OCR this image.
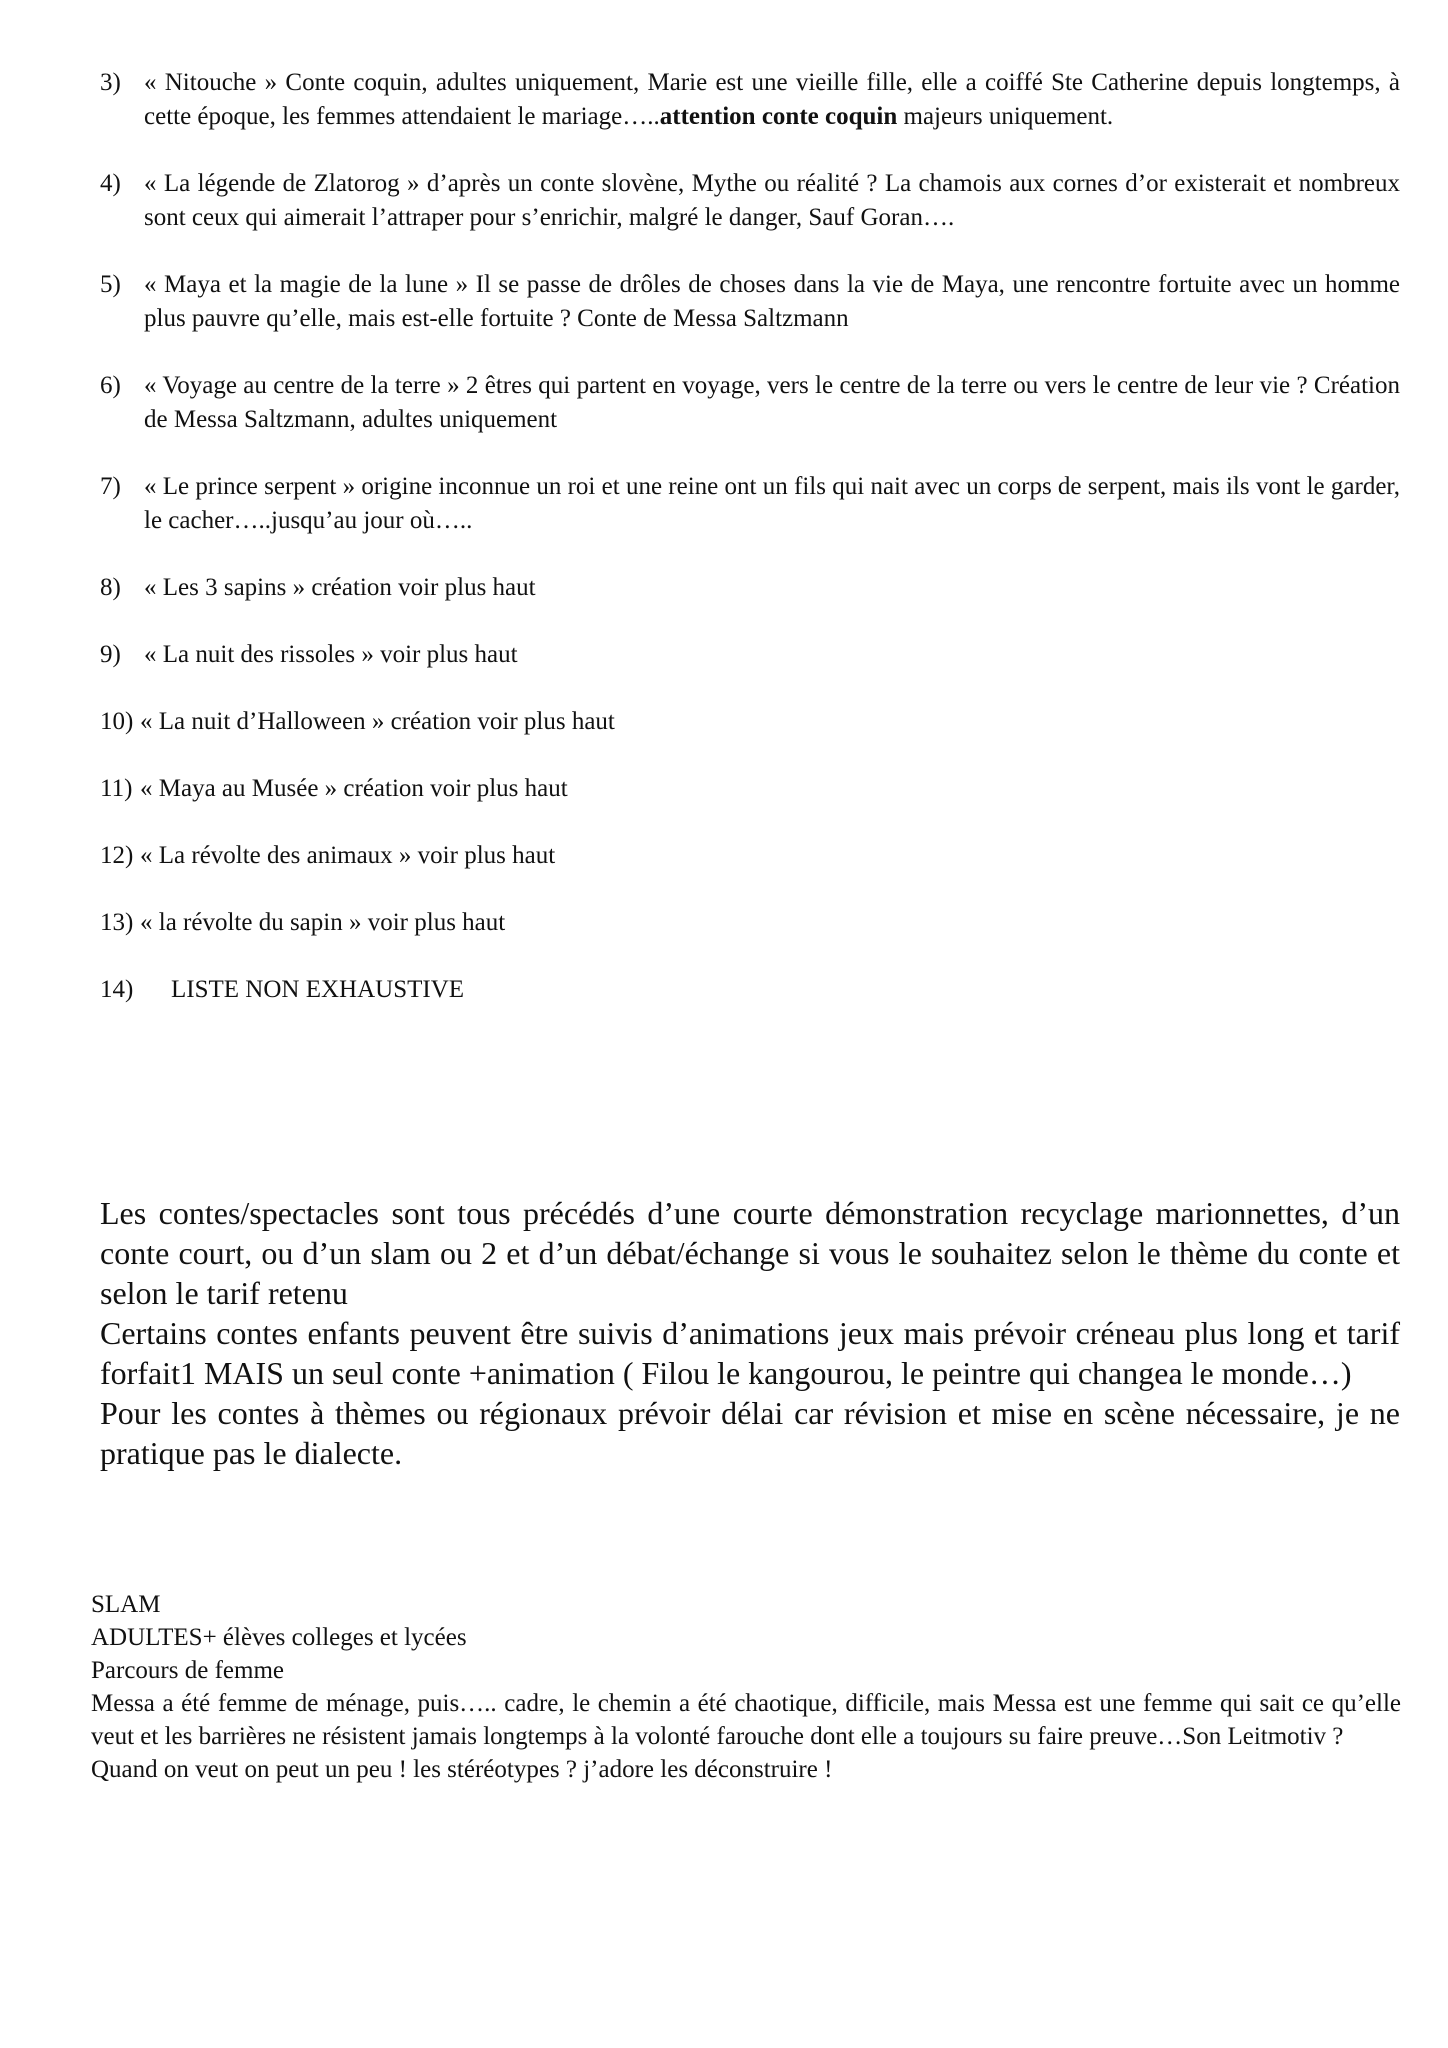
3) « Nitouche » Conte coquin, adultes uniquement, Marie est une vieille fille, elle a coiffé Ste Catherine depuis longtemps, à cette époque, les femmes attendaient le mariage…..attention conte coquin majeurs uniquement.
4) « La légende de Zlatorog » d’après un conte slovène, Mythe ou réalité ? La chamois aux cornes d’or existerait et nombreux sont ceux qui aimerait l’attraper pour s’enrichir, malgré le danger, Sauf Goran….
5) « Maya et la magie de la lune » Il se passe de drôles de choses dans la vie de Maya, une rencontre fortuite avec un homme plus pauvre qu’elle, mais est-elle fortuite ? Conte de Messa Saltzmann
6) « Voyage au centre de la terre » 2 êtres qui partent en voyage, vers le centre de la terre ou vers le centre de leur vie ? Création de Messa Saltzmann, adultes uniquement
7) « Le prince serpent » origine inconnue un roi et une reine ont un fils qui nait avec un corps de serpent, mais ils vont le garder, le cacher…..jusqu’au jour où…..
8) « Les 3 sapins » création voir plus haut
9) « La nuit des rissoles » voir plus haut
10) « La nuit d’Halloween » création voir plus haut
11) « Maya au Musée » création voir plus haut
12) « La révolte des animaux » voir plus haut
13) « la révolte du sapin » voir plus haut
14)	LISTE NON EXHAUSTIVE

Les contes/spectacles sont tous précédés d’une courte démonstration recyclage marionnettes, d’un conte court, ou d’un slam ou 2 et d’un débat/échange si vous le souhaitez selon le thème du conte et selon le tarif retenu

Certains contes enfants peuvent être suivis d’animations jeux mais prévoir créneau plus long et tarif forfait1 MAIS un seul conte +animation ( Filou le kangourou, le peintre qui changea le monde…)

Pour les contes à thèmes ou régionaux prévoir délai car révision et mise en scène nécessaire, je ne pratique pas le dialecte.

SLAM

ADULTES+ élèves colleges et lycées

Parcours de femme

Messa a été femme de ménage, puis….. cadre, le chemin a été chaotique, difficile, mais Messa est une femme qui sait ce qu’elle veut et les barrières ne résistent jamais longtemps à la volonté farouche dont elle a toujours su faire preuve…Son Leitmotiv ?

Quand on veut on peut un peu ! les stéréotypes ? j’adore les déconstruire !
